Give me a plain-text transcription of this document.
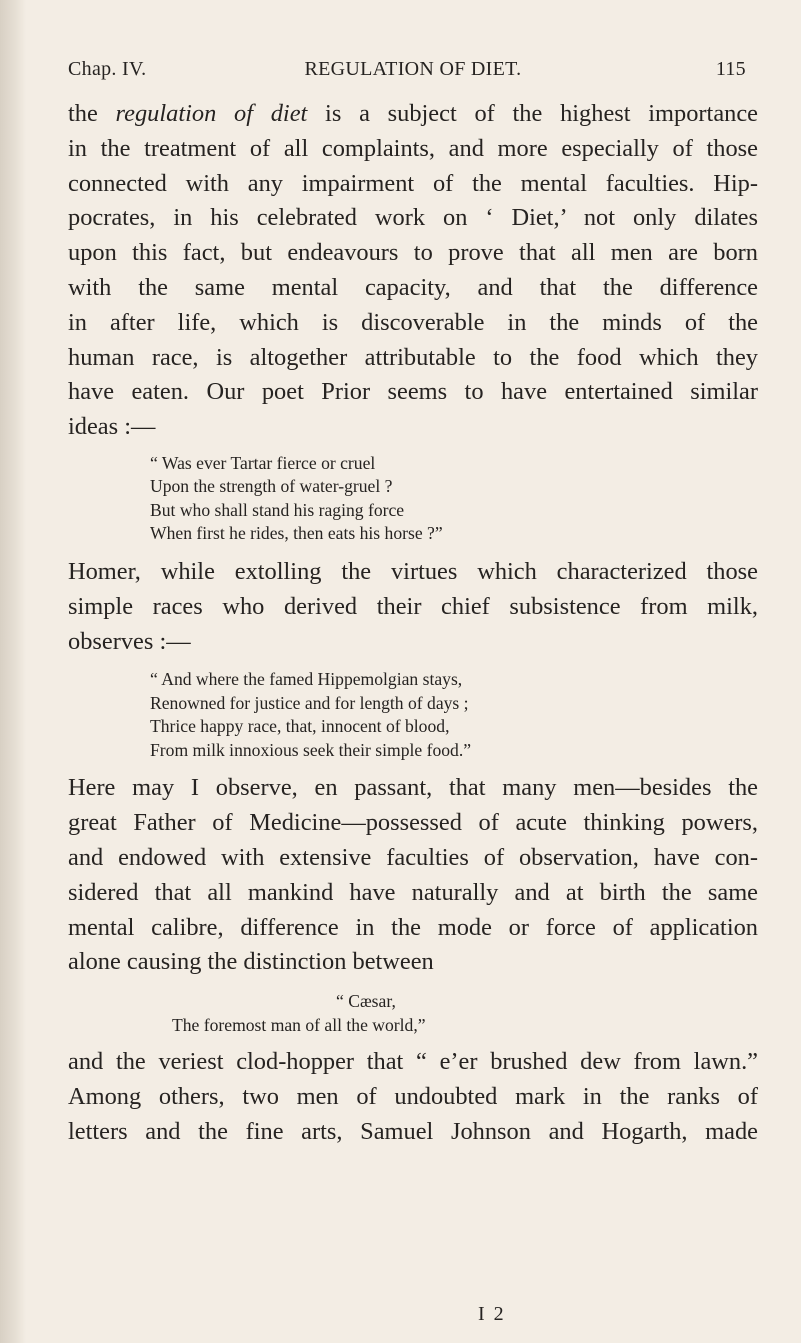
Chap. IV.	REGULATION OF DIET.	115

the regulation of diet is a subject of the highest importance
in the treatment of all complaints, and more especially of those
connected with any impairment of the mental faculties. Hip-
pocrates, in his celebrated work on ‘ Diet,’ not only dilates
upon this fact, but endeavours to prove that all men are born
with the same mental capacity, and that the difference
in after life, which is discoverable in the minds of the
human race, is altogether attributable to the food which they
have eaten. Our poet Prior seems to have entertained similar
ideas :—

“ Was ever Tartar fierce or cruel
Upon the strength of water-gruel ?
But who shall stand his raging force
When first he rides, then eats his horse ?”

Homer, while extolling the virtues which characterized those
simple races who derived their chief subsistence from milk,
observes :—

“ And where the famed Hippemolgian stays,
Renowned for justice and for length of days ;
Thrice happy race, that, innocent of blood,
From milk innoxious seek their simple food.”

Here may I observe, en passant, that many men—besides the
great Father of Medicine—possessed of acute thinking powers,
and endowed with extensive faculties of observation, have con-
sidered that all mankind have naturally and at birth the same
mental calibre, difference in the mode or force of application
alone causing the distinction between

“ Cæsar,
The foremost man of all the world,”

and the veriest clod-hopper that “ e’er brushed dew from lawn.”
Among others, two men of undoubted mark in the ranks of
letters and the fine arts, Samuel Johnson and Hogarth, made

I 2
